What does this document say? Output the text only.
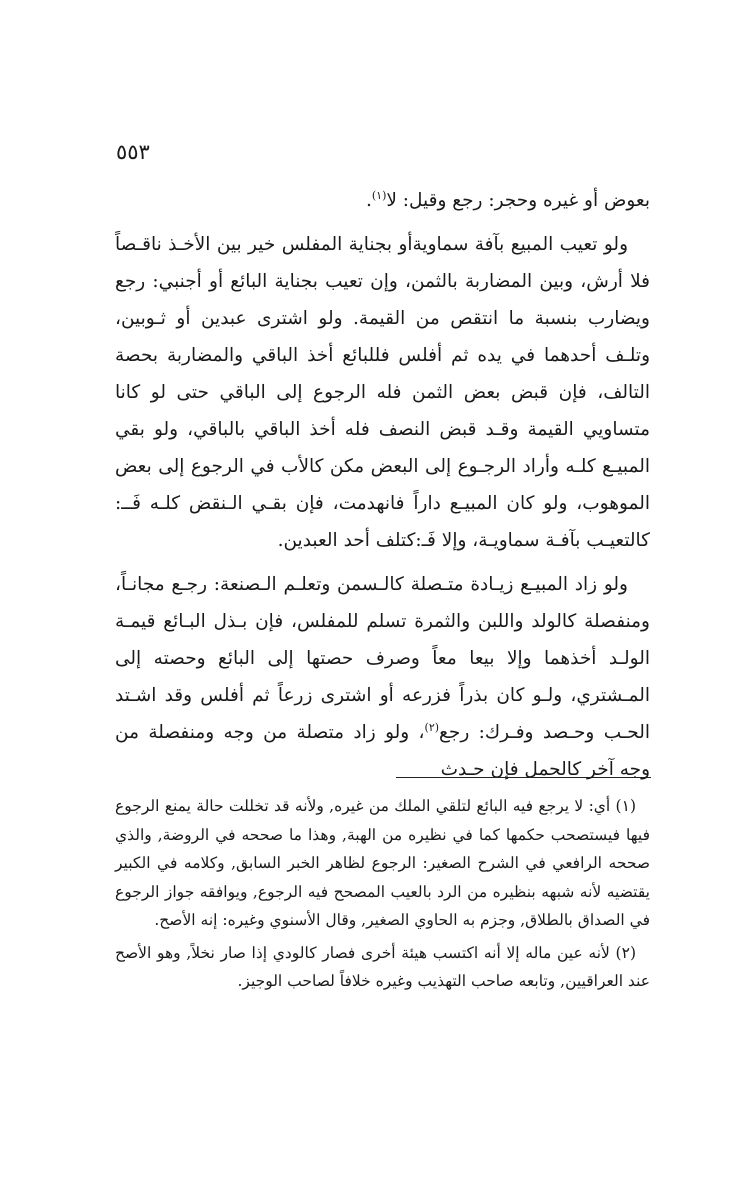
٥٥٣

بعوض أو غيره وحجر: رجع وقيل: لا$^{(١)}$.

ولو تعيب المبيع بآفة سماويةأو بجناية المفلس خير بين الأخـذ ناقـصاً فلا أرش، وبين المضاربة بالثمن، وإن تعيب بجناية البائع أو أجنبي: رجع ويضارب بنسبة ما انتقص من القيمة. ولو اشترى عبدين أو ثـوبين، وتلـف أحدهما في يده ثم أفلس فللبائع أخذ الباقي والمضاربة بحصة التالف، فإن قبض بعض الثمن فله الرجوع إلى الباقي حتى لو كانا متساويي القيمة وقـد قبض النصف فله أخذ الباقي بالباقي، ولو بقي المبيـع كلـه وأراد الرجـوع إلى البعض مكن كالأب في الرجوع إلى بعض الموهوب، ولو كان المبيـع داراً فانهدمت، فإن بقـي الـنقض كلـه فَــ: كالتعيـب بآفـة سماويـة، وإلا فَـ:كتلف أحد العبدين.

ولو زاد المبيـع زيـادة متـصلة كالـسمن وتعلـم الـصنعة: رجـع مجانـاً، ومنفصلة كالولد واللبن والثمرة تسلم للمفلس، فإن بـذل البـائع قيمـة الولـد أخذهما وإلا بيعا معاً وصرف حصتها إلى البائع وحصته إلى المـشتري، ولـو كان بذراً فزرعه أو اشترى زرعاً ثم أفلس وقد اشـتد الحـب وحـصد وفـرك: رجع$^{(٢)}$، ولو زاد متصلة من وجه ومنفصلة من وجه آخر كالحمل فإن حـدث

(١) أي: لا يرجع فيه البائع لتلقي الملك من غيره, ولأنه قد تخللت حالة يمنع الرجوع فيها فيستصحب حكمها كما في نظيره من الهبة, وهذا ما صححه في الروضة, والذي صححه الرافعي في الشرح الصغير: الرجوع لظاهر الخبر السابق, وكلامه في الكبير يقتضيه لأنه شبهه بنظيره من الرد بالعيب المصحح فيه الرجوع, ويوافقه جواز الرجوع في الصداق بالطلاق, وجزم به الحاوي الصغير, وقال الأسنوي وغيره: إنه الأصح.

(٢) لأنه عين ماله إلا أنه اكتسب هيئة أخرى فصار كالودي إذا صار نخلاً, وهو الأصح عند العراقيين, وتابعه صاحب التهذيب وغيره خلافاً لصاحب الوجيز.
